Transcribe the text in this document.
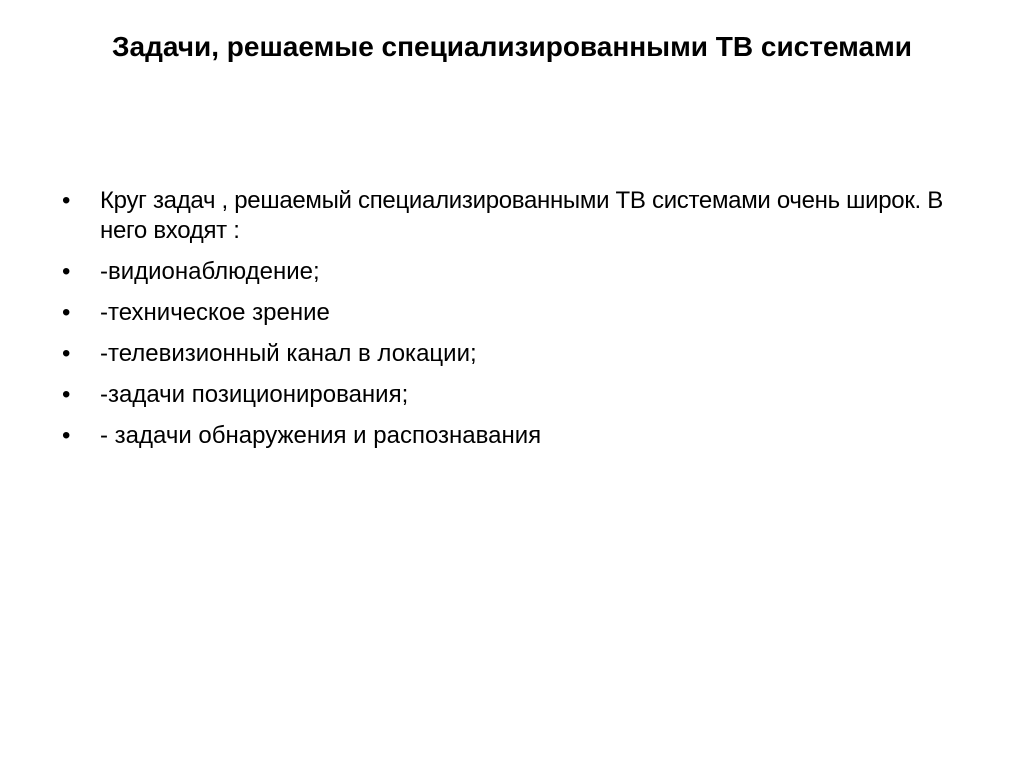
Задачи, решаемые специализированными ТВ системами
•	Круг задач , решаемый специализированными ТВ системами очень широк. В него входят :
•	-видионаблюдение;
•	-техническое зрение
•	-телевизионный канал в локации;
•	-задачи позиционирования;
•	- задачи обнаружения и распознавания
